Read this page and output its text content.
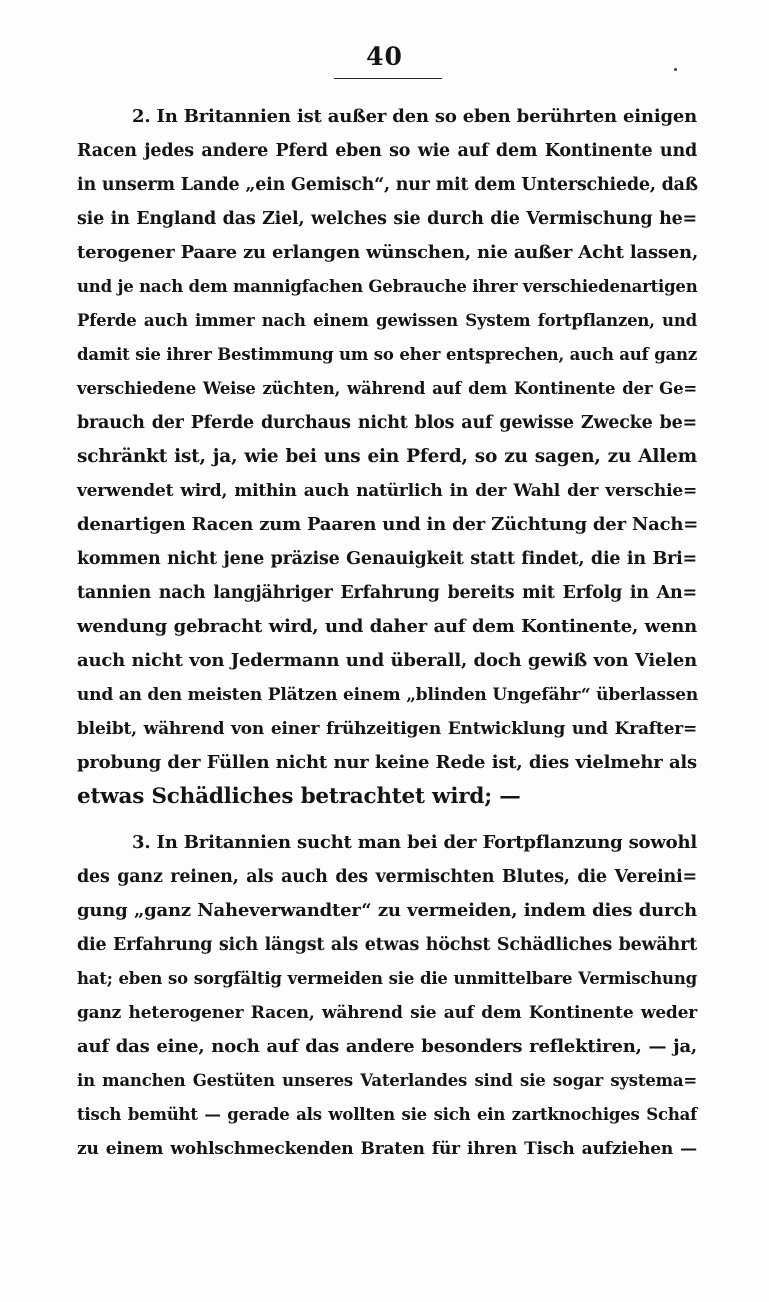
40
2. In Britannien ist außer den so eben berührten einigen
Racen jedes andere Pferd eben so wie auf dem Kontinente und
in unserm Lande „ein Gemisch“, nur mit dem Unterschiede, daß
sie in England das Ziel, welches sie durch die Vermischung he=
terogener Paare zu erlangen wünschen, nie außer Acht lassen,
und je nach dem mannigfachen Gebrauche ihrer verschiedenartigen
Pferde auch immer nach einem gewissen System fortpflanzen, und
damit sie ihrer Bestimmung um so eher entsprechen, auch auf ganz
verschiedene Weise züchten, während auf dem Kontinente der Ge=
brauch der Pferde durchaus nicht blos auf gewisse Zwecke be=
schränkt ist, ja, wie bei uns ein Pferd, so zu sagen, zu Allem
verwendet wird, mithin auch natürlich in der Wahl der verschie=
denartigen Racen zum Paaren und in der Züchtung der Nach=
kommen nicht jene präzise Genauigkeit statt findet, die in Bri=
tannien nach langjähriger Erfahrung bereits mit Erfolg in An=
wendung gebracht wird, und daher auf dem Kontinente, wenn
auch nicht von Jedermann und überall, doch gewiß von Vielen
und an den meisten Plätzen einem „blinden Ungefähr“ überlassen
bleibt, während von einer frühzeitigen Entwicklung und Krafter=
probung der Füllen nicht nur keine Rede ist, dies vielmehr als
etwas Schädliches betrachtet wird; —
3. In Britannien sucht man bei der Fortpflanzung sowohl
des ganz reinen, als auch des vermischten Blutes, die Vereini=
gung „ganz Naheverwandter“ zu vermeiden, indem dies durch
die Erfahrung sich längst als etwas höchst Schädliches bewährt
hat; eben so sorgfältig vermeiden sie die unmittelbare Vermischung
ganz heterogener Racen, während sie auf dem Kontinente weder
auf das eine, noch auf das andere besonders reflektiren, — ja,
in manchen Gestüten unseres Vaterlandes sind sie sogar systema=
tisch bemüht — gerade als wollten sie sich ein zartknochiges Schaf
zu einem wohlschmeckenden Braten für ihren Tisch aufziehen —
